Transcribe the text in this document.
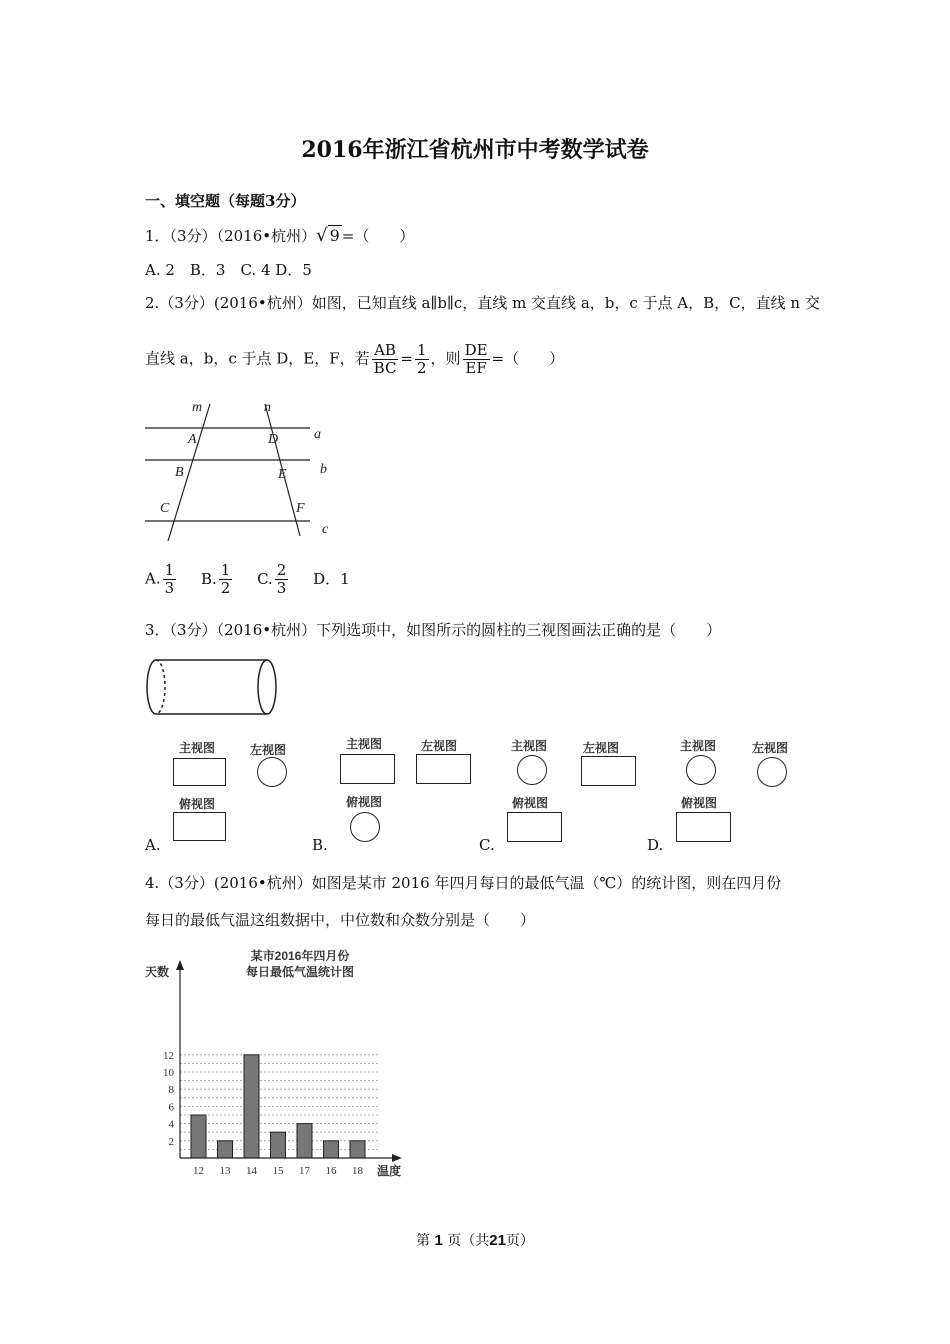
2016年浙江省杭州市中考数学试卷
一、填空题（每题3分）
1．（3分）（2016•杭州）√ 9 =（　　）
A. 2　B．3　C. 4 D．5
2.（3分）(2016•杭州）如图，已知直线 a∥b∥c，直线 m 交直线 a，b，c 于点 A，B，C，直线 n 交
直线 a，b，c 于点 D，E，F，若 $\frac{AB}{BC} = \frac{1}{2}$ ，则 $\frac{DE}{EF}$ =（　　）
m	n
a
b
c
A
B
C
D
E
F
A. $\frac{1}{3} B$. $\frac{1}{2} C$. $\frac{2}{3}$ D．1
3．（3分）（2016•杭州）下列选项中，如图所示的圆柱的三视图画法正确的是（　　）
主视图	左视图
俯视图
A.
主视图	左视图
俯视图
B.
主视图	左视图
俯视图
C.
主视图	左视图
俯视图
D.
4.（3分）(2016•杭州）如图是某市 2016 年四月每日的最低气温（℃）的统计图，则在四月份
每日的最低气温这组数据中，中位数和众数分别是（　　）
某市2016年四月份
每日最低气温统计图
天数
温度
2
4
6
8
10
12
12 13 14 15 17 16 18
第 1 页（共21页）
